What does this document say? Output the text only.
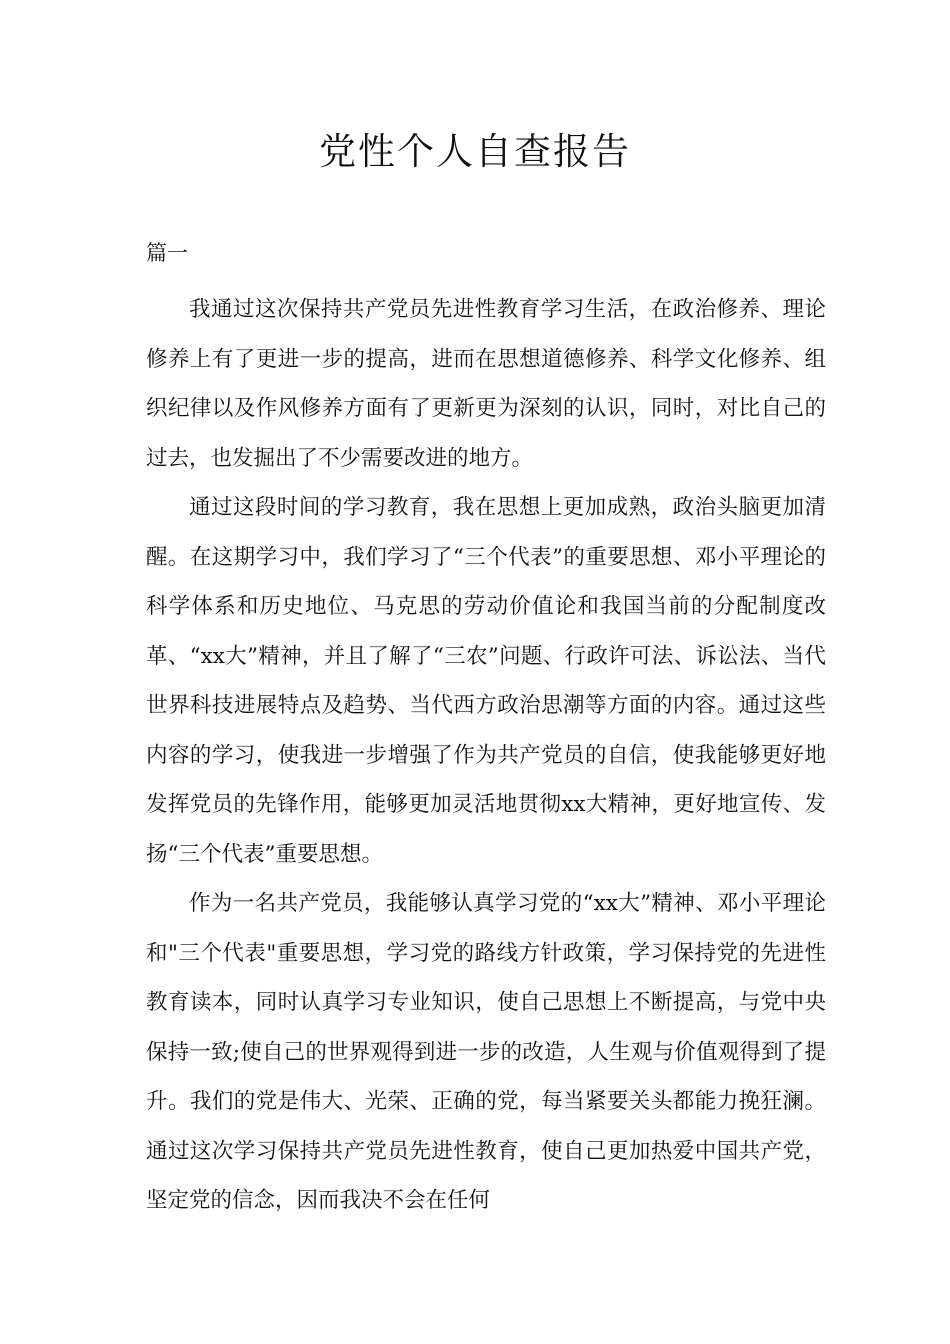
党性个人自查报告

篇一

我通过这次保持共产党员先进性教育学习生活，在政治修养、理论修养上有了更进一步的提高，进而在思想道德修养、科学文化修养、组织纪律以及作风修养方面有了更新更为深刻的认识，同时，对比自己的过去，也发掘出了不少需要改进的地方。

通过这段时间的学习教育，我在思想上更加成熟，政治头脑更加清醒。在这期学习中，我们学习了“三个代表”的重要思想、邓小平理论的科学体系和历史地位、马克思的劳动价值论和我国当前的分配制度改革、“xx大”精神，并且了解了“三农”问题、行政许可法、诉讼法、当代世界科技进展特点及趋势、当代西方政治思潮等方面的内容。通过这些内容的学习，使我进一步增强了作为共产党员的自信，使我能够更好地发挥党员的先锋作用，能够更加灵活地贯彻xx大精神，更好地宣传、发扬“三个代表”重要思想。

作为一名共产党员，我能够认真学习党的“xx大”精神、邓小平理论和"三个代表"重要思想，学习党的路线方针政策，学习保持党的先进性教育读本，同时认真学习专业知识，使自己思想上不断提高，与党中央保持一致;使自己的世界观得到进一步的改造，人生观与价值观得到了提升。我们的党是伟大、光荣、正确的党，每当紧要关头都能力挽狂澜。通过这次学习保持共产党员先进性教育，使自己更加热爱中国共产党，坚定党的信念，因而我决不会在任何
